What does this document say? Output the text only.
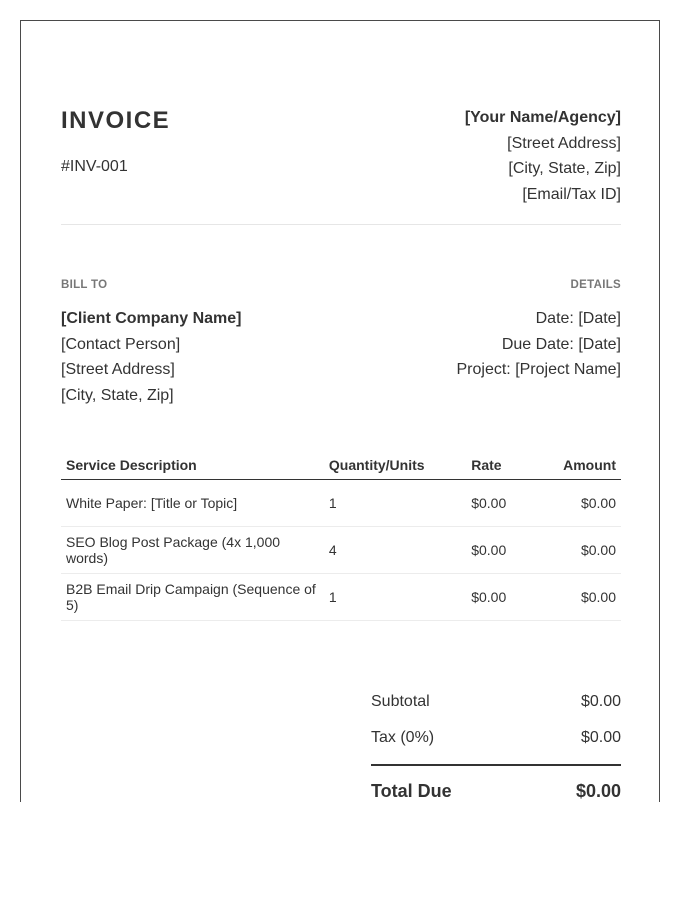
INVOICE
#INV-001
[Your Name/Agency]
[Street Address]
[City, State, Zip]
[Email/Tax ID]
BILL TO
[Client Company Name]
[Contact Person]
[Street Address]
[City, State, Zip]
DETAILS
Date: [Date]
Due Date: [Date]
Project: [Project Name]
Service Description	Quantity/Units	Rate	Amount
White Paper: [Title or Topic]	1	$0.00	$0.00
SEO Blog Post Package (4x 1,000 words)	4	$0.00	$0.00
B2B Email Drip Campaign (Sequence of 5)	1	$0.00	$0.00
Subtotal	$0.00
Tax (0%)	$0.00
Total Due	$0.00
